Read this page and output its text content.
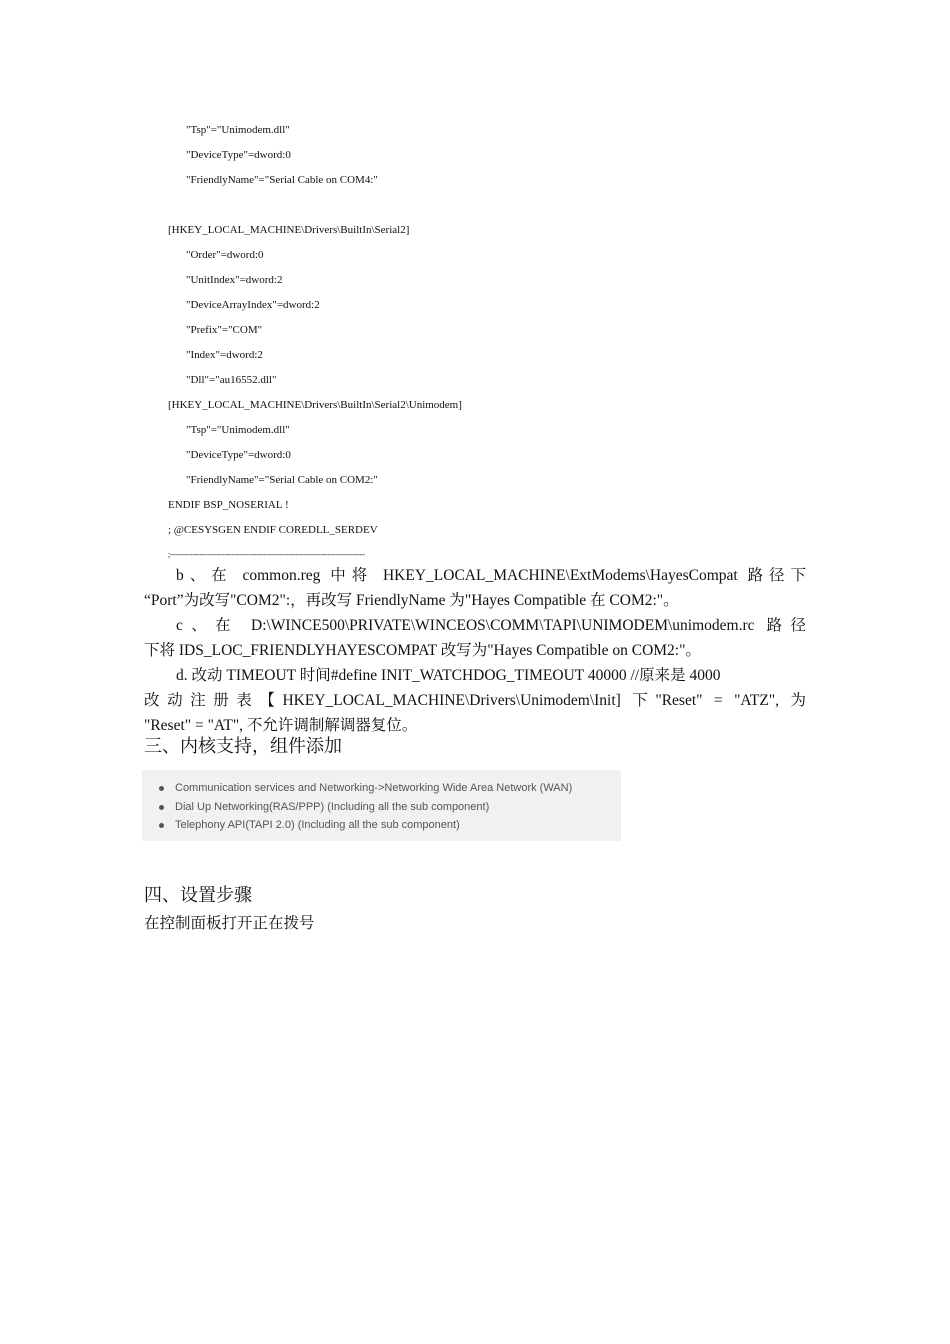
"Tsp"="Unimodem.dll"
"DeviceType"=dword:0
"FriendlyName"="Serial Cable on COM4:"
[HKEY_LOCAL_MACHINE\Drivers\BuiltIn\Serial2]
"Order"=dword:0
"UnitIndex"=dword:2
"DeviceArrayIndex"=dword:2
"Prefix"="COM"
"Index"=dword:2
"Dll"="au16552.dll"
[HKEY_LOCAL_MACHINE\Drivers\BuiltIn\Serial2\Unimodem]
"Tsp"="Unimodem.dll"
"DeviceType"=dword:0
"FriendlyName"="Serial Cable on COM2:"
ENDIF BSP_NOSERIAL !
; @CESYSGEN ENDIF COREDLL_SERDEV
;-------------------------------------------------------------------------------
b、在 common.reg 中将 HKEY_LOCAL_MACHINE\ExtModems\HayesCompat 路径下
“Port”为改写"COM2":，再改写 FriendlyName 为"Hayes Compatible 在 COM2:"。
c、在 D:\WINCE500\PRIVATE\WINCEOS\COMM\TAPI\UNIMODEM\unimodem.rc 路径
下将 IDS_LOC_FRIENDLYHAYESCOMPAT 改写为"Hayes Compatible on COM2:"。
d. 改动 TIMEOUT 时间#define INIT_WATCHDOG_TIMEOUT 40000 //原来是 4000
改动注册表【HKEY_LOCAL_MACHINE\Drivers\Unimodem\Init] 下"Reset" = "ATZ", 为
"Reset" = "AT", 不允许调制解调器复位。
三、内核支持，组件添加
Communication services and Networking->Networking Wide Area Network (WAN)
Dial Up Networking(RAS/PPP) (Including all the sub component)
Telephony API(TAPI 2.0) (Including all the sub component)
四、设置步骤
在控制面板打开正在拨号
